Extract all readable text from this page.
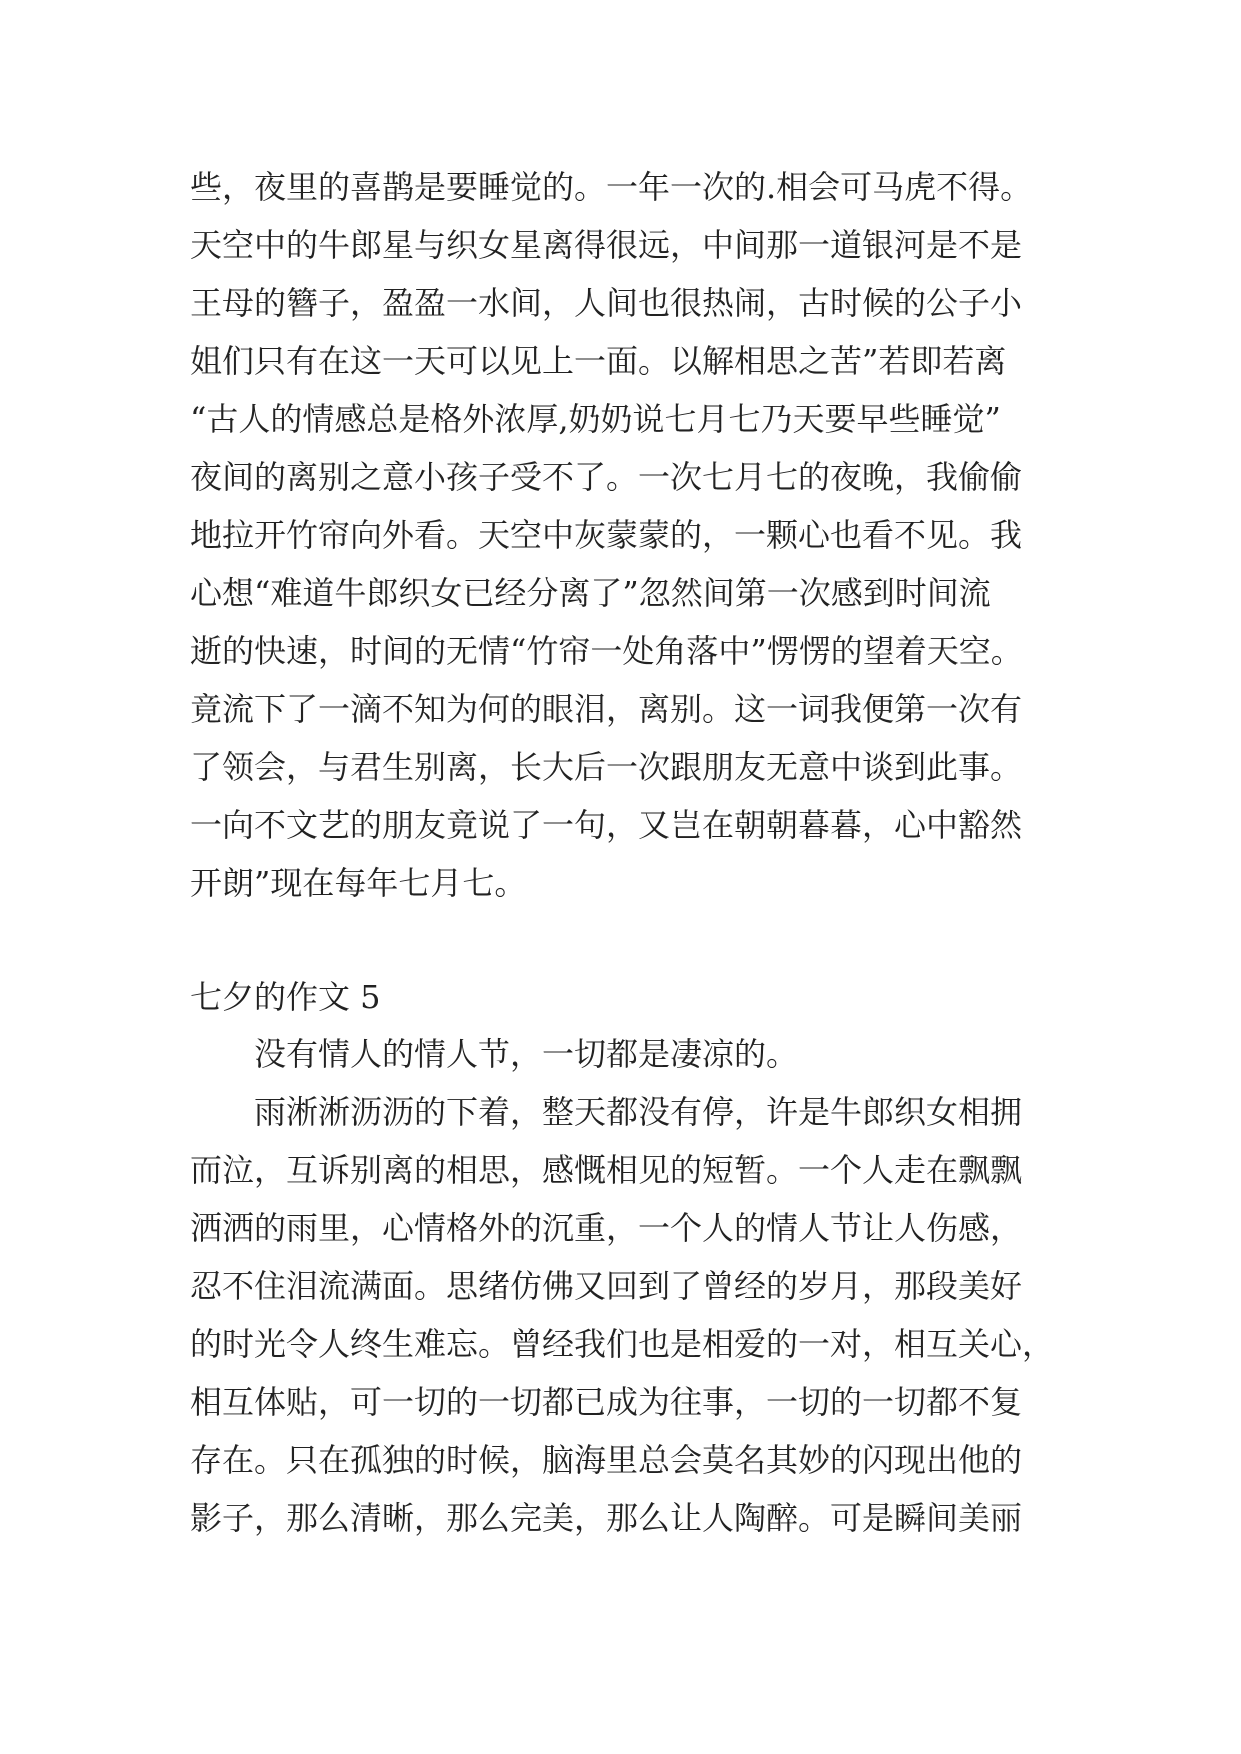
些，夜里的喜鹊是要睡觉的。一年一次的.相会可马虎不得。
天空中的牛郎星与织女星离得很远，中间那一道银河是不是
王母的簪子，盈盈一水间，人间也很热闹，古时候的公子小
姐们只有在这一天可以见上一面。以解相思之苦”若即若离
“古人的情感总是格外浓厚,奶奶说七月七乃天要早些睡觉”
夜间的离别之意小孩子受不了。一次七月七的夜晚，我偷偷
地拉开竹帘向外看。天空中灰蒙蒙的，一颗心也看不见。我
心想“难道牛郎织女已经分离了”忽然间第一次感到时间流
逝的快速，时间的无情“竹帘一处角落中”愣愣的望着天空。
竟流下了一滴不知为何的眼泪，离别。这一词我便第一次有
了领会，与君生别离，长大后一次跟朋友无意中谈到此事。
一向不文艺的朋友竟说了一句，又岂在朝朝暮暮，心中豁然
开朗”现在每年七月七。
七夕的作文 5
没有情人的情人节，一切都是凄凉的。
雨淅淅沥沥的下着，整天都没有停，许是牛郎织女相拥
而泣，互诉别离的相思，感慨相见的短暂。一个人走在飘飘
洒洒的雨里，心情格外的沉重，一个人的情人节让人伤感，
忍不住泪流满面。思绪仿佛又回到了曾经的岁月，那段美好
的时光令人终生难忘。曾经我们也是相爱的一对，相互关心，
相互体贴，可一切的一切都已成为往事，一切的一切都不复
存在。只在孤独的时候，脑海里总会莫名其妙的闪现出他的
影子，那么清晰，那么完美，那么让人陶醉。可是瞬间美丽
